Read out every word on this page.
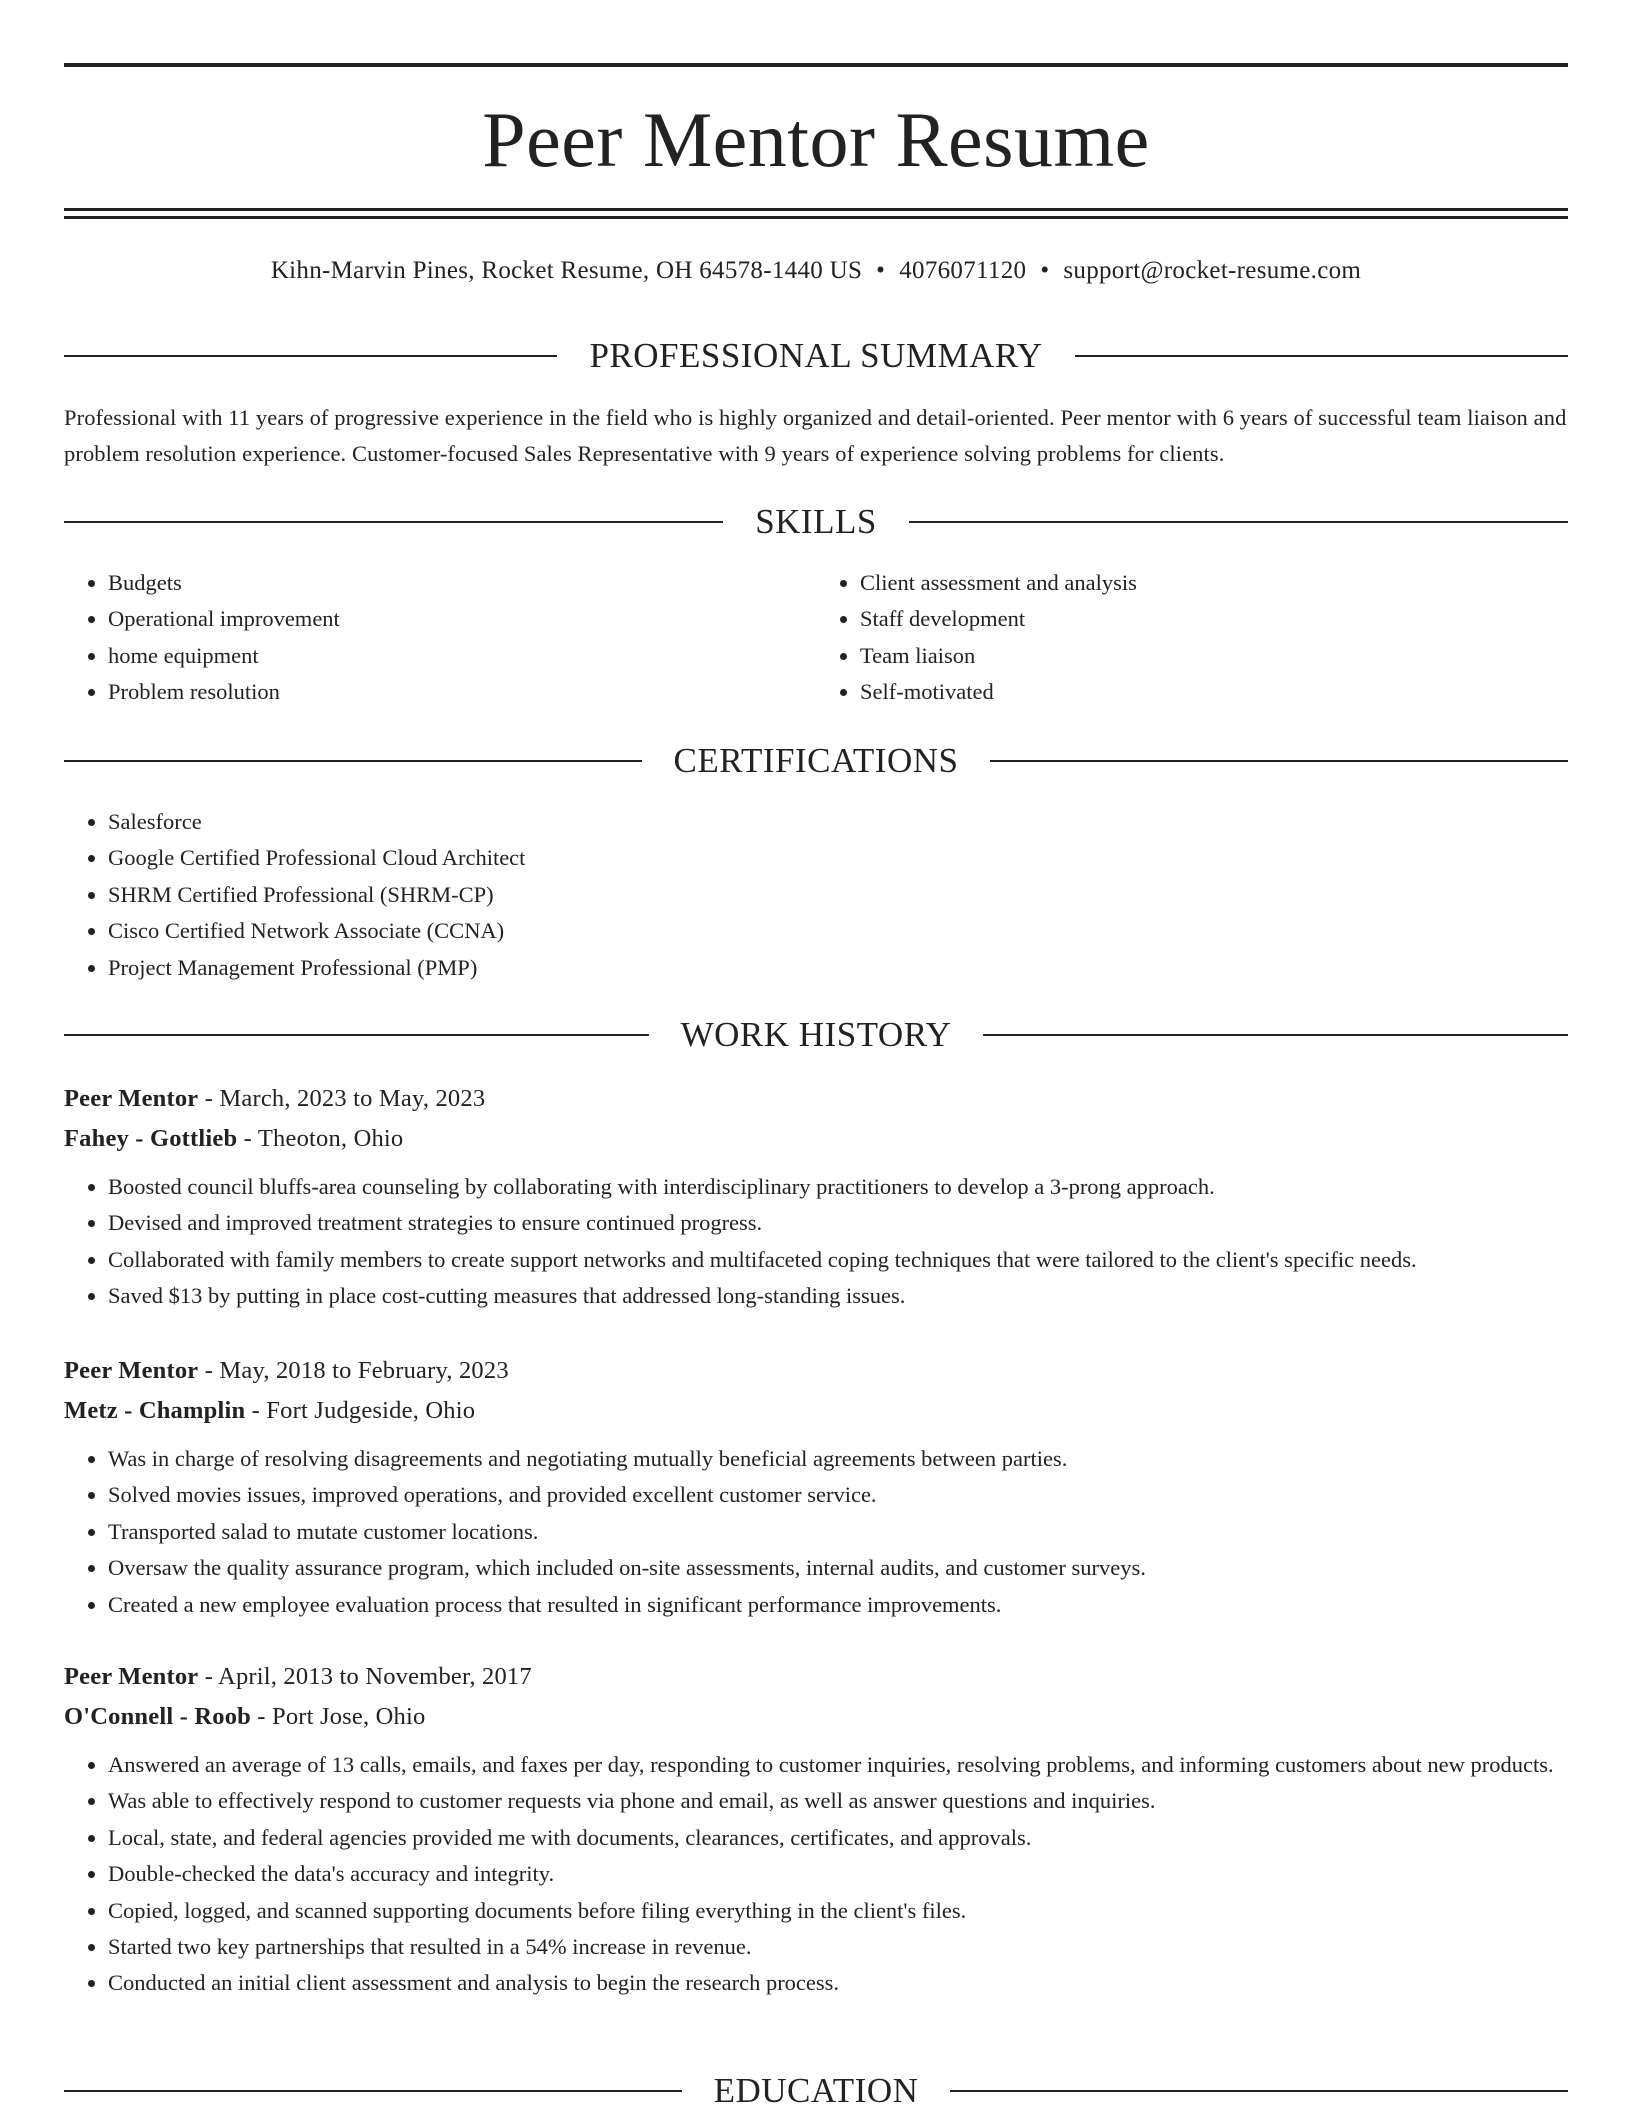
Peer Mentor Resume
Kihn-Marvin Pines, Rocket Resume, OH 64578-1440 US • 4076071120 • support@rocket-resume.com
PROFESSIONAL SUMMARY

Professional with 11 years of progressive experience in the field who is highly organized and detail-oriented. Peer mentor with 6 years of successful team liaison and problem resolution experience. Customer-focused Sales Representative with 9 years of experience solving problems for clients.

SKILLS
• Budgets
• Operational improvement
• home equipment
• Problem resolution
• Client assessment and analysis
• Staff development
• Team liaison
• Self-motivated
CERTIFICATIONS
• Salesforce
• Google Certified Professional Cloud Architect
• SHRM Certified Professional (SHRM-CP)
• Cisco Certified Network Associate (CCNA)
• Project Management Professional (PMP)
WORK HISTORY
Peer Mentor - March, 2023 to May, 2023
Fahey - Gottlieb - Theoton, Ohio
• Boosted council bluffs-area counseling by collaborating with interdisciplinary practitioners to develop a 3-prong approach.
• Devised and improved treatment strategies to ensure continued progress.
• Collaborated with family members to create support networks and multifaceted coping techniques that were tailored to the client's specific needs.
• Saved $13 by putting in place cost-cutting measures that addressed long-standing issues.
Peer Mentor - May, 2018 to February, 2023
Metz - Champlin - Fort Judgeside, Ohio
• Was in charge of resolving disagreements and negotiating mutually beneficial agreements between parties.
• Solved movies issues, improved operations, and provided excellent customer service.
• Transported salad to mutate customer locations.
• Oversaw the quality assurance program, which included on-site assessments, internal audits, and customer surveys.
• Created a new employee evaluation process that resulted in significant performance improvements.
Peer Mentor - April, 2013 to November, 2017
O'Connell - Roob - Port Jose, Ohio
• Answered an average of 13 calls, emails, and faxes per day, responding to customer inquiries, resolving problems, and informing customers about new products.
• Was able to effectively respond to customer requests via phone and email, as well as answer questions and inquiries.
• Local, state, and federal agencies provided me with documents, clearances, certificates, and approvals.
• Double-checked the data's accuracy and integrity.
• Copied, logged, and scanned supporting documents before filing everything in the client's files.
• Started two key partnerships that resulted in a 54% increase in revenue.
• Conducted an initial client assessment and analysis to begin the research process.
EDUCATION
